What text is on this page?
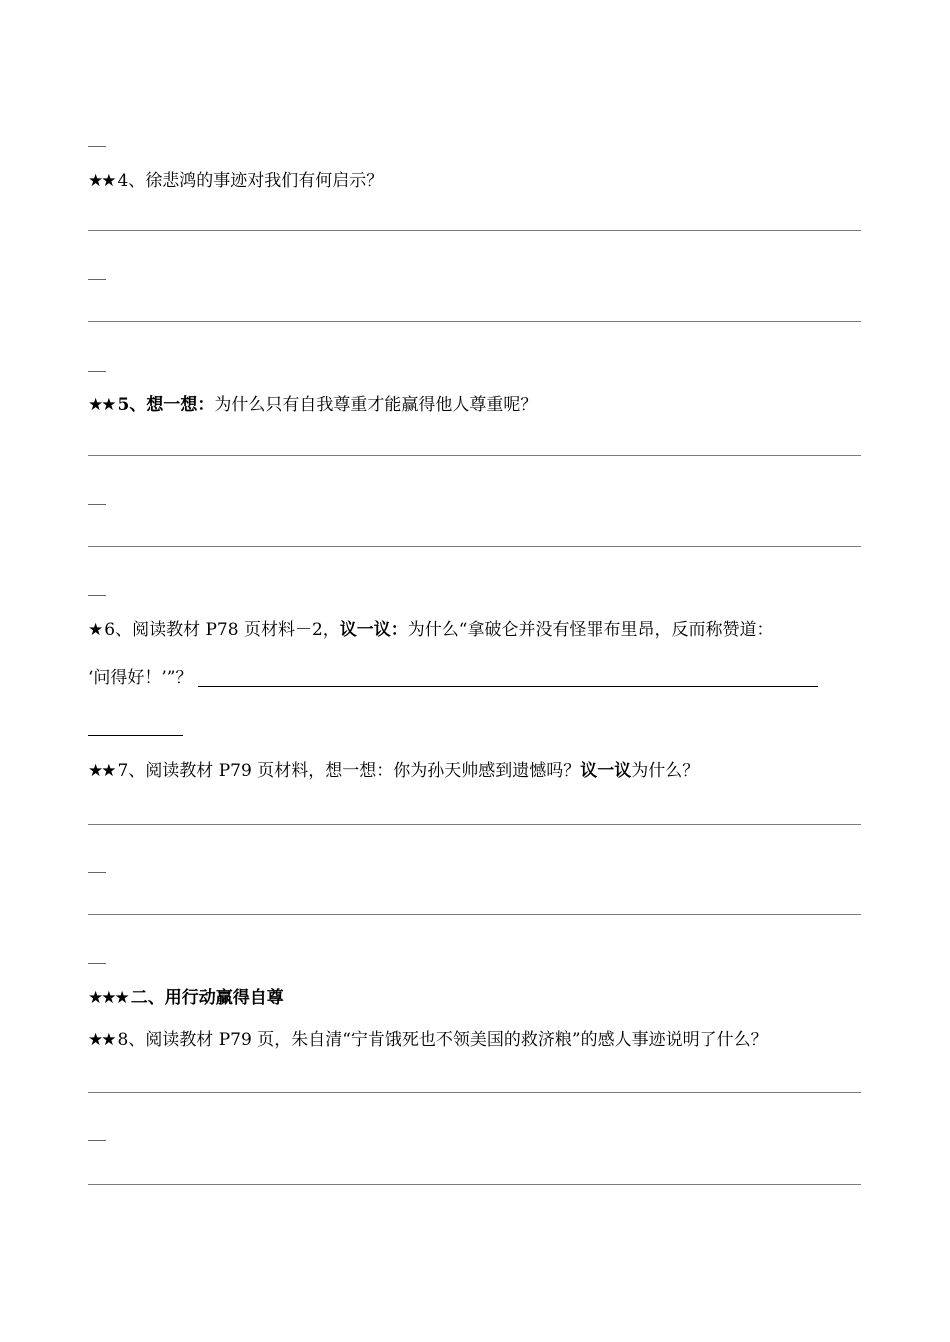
★★ 4、徐悲鸿的事迹对我们有何启示？
★★ 5、想一想：为什么只有自我尊重才能赢得他人尊重呢？
★ 6、阅读教材 P78 页材料－2，议一议：为什么“拿破仑并没有怪罪布里昂，反而称赞道：
‘问得好！’”？
★★ 7、阅读教材 P79 页材料，想一想：你为孙天帅感到遗憾吗？议一议为什么？
★★★ 二、用行动赢得自尊
★★ 8、阅读教材 P79 页，朱自清“宁肯饿死也不领美国的救济粮”的感人事迹说明了什么？
